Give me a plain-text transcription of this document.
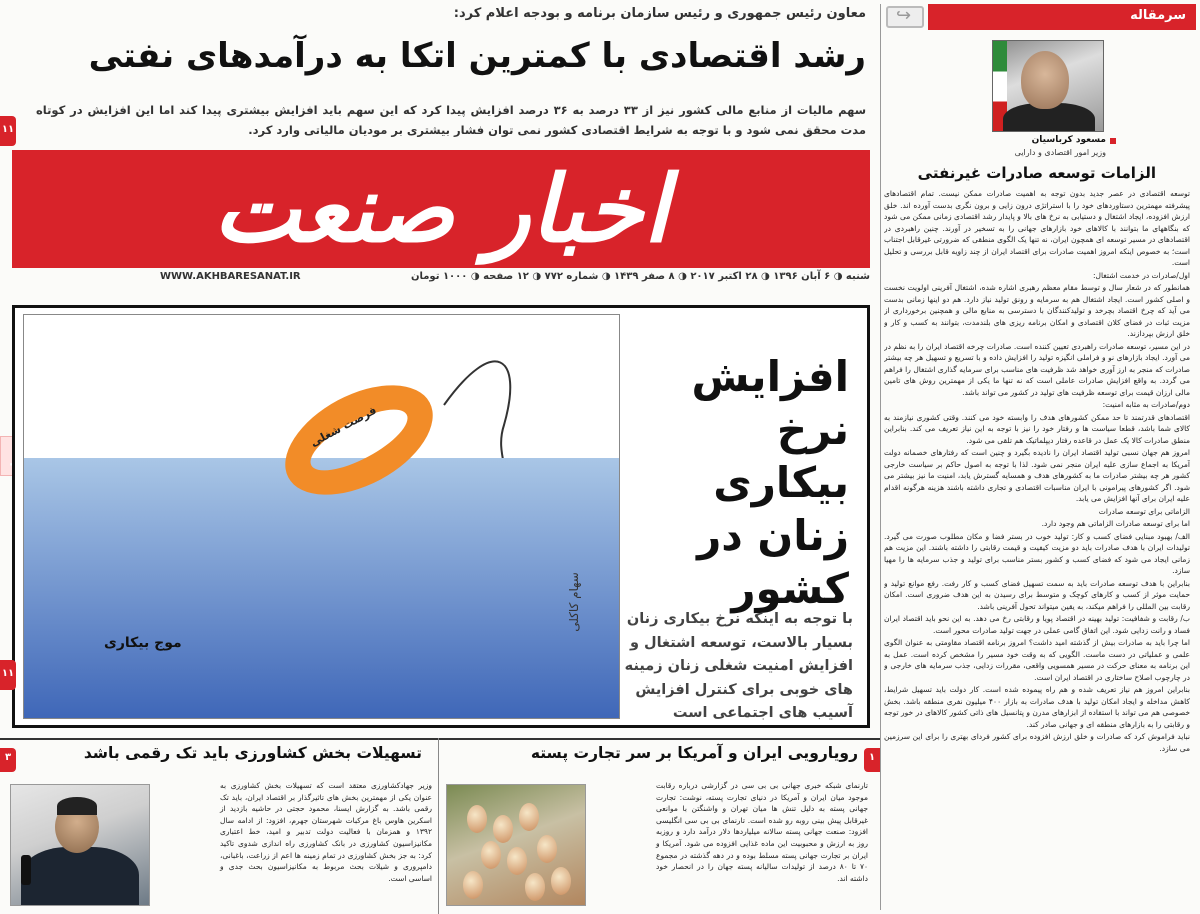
سرمقاله
↪
مسعود کرباسیان
وزیر امور اقتصادی و دارایی
الزامات توسعه صادرات غیرنفتی

توسعه اقتصادی در عصر جدید بدون توجه به اهمیت صادرات ممکن نیست. تمام اقتصادهای پیشرفته مهمترین دستاوردهای خود را با استراتژی درون زایی و برون نگری بدست آورده اند. خلق ارزش افزوده، ایجاد اشتغال و دستیابی به نرخ های بالا و پایدار رشد اقتصادی زمانی ممکن می شود که بنگاههای ما بتوانند با کالاهای خود بازارهای جهانی را به تسخیر در آورند. چنین راهبردی در اقتصادهای در مسیر توسعه ای همچون ایران، نه تنها یک الگوی منطقی که ضرورتی غیرقابل اجتناب است؛ به خصوص اینکه امروز اهمیت صادرات برای اقتصاد ایران از چند زاویه قابل بررسی و تحلیل است.

اول/صادرات در خدمت اشتغال:

همانطور که در شعار سال و توسط مقام معظم رهبری اشاره شده، اشتغال آفرینی اولویت نخست و اصلی کشور است. ایجاد اشتغال هم به سرمایه و رونق تولید نیاز دارد. هم دو اینها زمانی بدست می آید که چرخ اقتصاد بچرخد و تولیدکنندگان با دسترسی به منابع مالی و همچنین برخورداری از مزیت ثبات در فضای کلان اقتصادی و امکان برنامه ریزی های بلندمدت، بتوانند به کسب و کار و خلق ارزش بپردازند.

در این مسیر، توسعه صادرات راهبردی تعیین کننده است. صادرات چرخه اقتصاد ایران را به نظم در می آورد. ایجاد بازارهای نو و فراملی انگیزه تولید را افزایش داده و با تسریع و تسهیل هر چه بیشتر صادرات که منجر به ارز آوری خواهد شد ظرفیت های مناسب برای سرمایه گذاری اشتغال را فراهم می گردد. به واقع افزایش صادرات عاملی است که نه تنها ما یکی از مهمترین روش های تامین مالی ارزان قیمت برای توسعه ظرفیت های تولید در کشور می تواند باشد.

دوم/صادرات به مثابه امنیت:

اقتصادهای قدرتمند تا حد ممکن کشورهای هدف را وابسته خود می کنند. وقتی کشوری نیازمند به کالای شما باشد، قطعا سیاست ها و رفتار خود را نیز با توجه به این نیاز تعریف می کند. بنابراین منطق صادرات کالا یک عمل در قاعده رفتار دیپلماتیک هم تلقی می شود.

امروز هم جهان نسبی تولید اقتصاد ایران را نادیده بگیرد و چنین است که رفتارهای خصمانه دولت آمریکا به اجماع سازی علیه ایران منجر نمی شود. لذا با توجه به اصول حاکم بر سیاست خارجی کشور هر چه بیشتر صادرات ما به کشورهای هدف و همسایه گسترش یابد، امنیت ما نیز بیشتر می شود. اگر کشورهای پیرامونی با ایران مناسبات اقتصادی و تجاری داشته باشند هزینه هرگونه اقدام علیه ایران برای آنها افزایش می یابد.

الزاماتی برای توسعه صادرات

اما برای توسعه صادرات الزاماتی هم وجود دارد.

الف/ بهبود مبنایی فضای کسب و کار: تولید خوب در بستر فضا و مکان مطلوب صورت می گیرد. تولیدات ایران با هدف صادرات باید دو مزیت کیفیت و قیمت رقابتی را داشته باشند. این مزیت هم زمانی ایجاد می شود که فضای کسب و کشور بستر مناسب برای تولید و جذب سرمایه ها را مهیا سازد.

بنابراین با هدف توسعه صادرات باید به سمت تسهیل فضای کسب و کار رفت. رفع موانع تولید و حمایت موثر از کسب و کارهای کوچک و متوسط برای رسیدن به این هدف ضروری است. امکان رقابت بین المللی را فراهم میکند، به یقین میتواند تحول آفرینی باشد.

ب/ رقابت و شفافیت: تولید بهینه در اقتصاد پویا و رقابتی رخ می دهد. به این نحو باید اقتصاد ایران فساد و رانت زدایی شود. این اتفاق گامی عملی در جهت تولید صادرات محور است.

اما چرا باید به صادرات بیش از گذشته امید داشت؟ امروز برنامه اقتصاد مقاومتی به عنوان الگوی علمی و عملیاتی در دست ماست. الگویی که به وقت خود مسیر را مشخص کرده است. عمل به این برنامه به معنای حرکت در مسیر همسویی واقعی، مقررات زدایی، جذب سرمایه های خارجی و در چارچوب اصلاح ساختاری در اقتصاد ایران است.

بنابراین امروز هم نیاز تعریف شده و هم راه پیموده شده است. کار دولت باید تسهیل شرایط، کاهش مداخله و ایجاد امکان تولید با هدف صادرات به بازار ۴۰۰ میلیون نفری منطقه باشد. بخش خصوصی هم می تواند با استفاده از ابزارهای مدرن و پتانسیل های ذاتی کشور کالاهای در خور توجه و رقابتی را به بازارهای منطقه ای و جهانی صادر کند.

نباید فراموش کرد که صادرات و خلق ارزش افزوده برای کشور فردای بهتری را برای این سرزمین می سازد.

معاون رئیس جمهوری و رئیس سازمان برنامه و بودجه اعلام کرد:
رشد اقتصادی با کمترین اتکا به درآمدهای نفتی
سهم مالیات از منابع مالی کشور نیز از ۳۳ درصد به ۳۶ درصد افزایش پیدا کرد که این سهم باید افزایش بیشتری پیدا کند اما این افزایش در کوتاه مدت محقق نمی شود و با توجه به شرایط اقتصادی کشور نمی توان فشار بیشتری بر مودیان مالیاتی وارد کرد.
۱۱
اخبار صنعت
WWW.AKHBARESANAT.IR	شنبه ◑ ۶ آبان ۱۳۹۶ ◑ ۲۸ اکتبر ۲۰۱۷ ◑ ۸ صفر ۱۴۳۹ ◑ شماره ۷۷۲ ◑ ۱۲ صفحه ◑ ۱۰۰۰ تومان
فرصت شغلی
موج بیکاری
سهام کاکلی
افزایش نرخ بیکاری زنان در کشور
با توجه به اینکه نرخ بیکاری زنان بسیار بالاست، توسعه اشتغال و افزایش امنیت شغلی زنان زمینه های خوبی برای کنترل افزایش آسیب های اجتماعی است
۱۱
۱
رویارویی ایران و آمریکا بر سر تجارت پسته
تارنمای شبکه خبری جهانی بی بی سی در گزارشی درباره رقابت موجود میان ایران و آمریکا در دنیای تجارت پسته، نوشت: تجارت جهانی پسته به دلیل تنش ها میان تهران و واشنگتن با موانعی غیرقابل پیش بینی روبه رو شده است. تارنمای بی بی سی انگلیسی افزود: صنعت جهانی پسته سالانه میلیاردها دلار درآمد دارد و روزبه روز به ارزش و محبوبیت این ماده غذایی افزوده می شود. آمریکا و ایران بر تجارت جهانی پسته مسلط بوده و در دهه گذشته در مجموع ۷۰ تا ۸۰ درصد از تولیدات سالیانه پسته جهان را در انحصار خود داشته اند.
۳	تسهیلات بخش کشاورزی باید تک رقمی باشد
وزیر جهادکشاورزی معتقد است که تسهیلات بخش کشاورزی به عنوان یکی از مهمترین بخش های تاثیرگذار بر اقتصاد ایران، باید تک رقمی باشد. به گزارش ایسنا، محمود حجتی در حاشیه بازدید از اسکرین هاوس باغ مرکبات شهرستان جهرم، افزود: از ادامه سال ۱۳۹۲ و همزمان با فعالیت دولت تدبیر و امید، خط اعتباری مکانیزاسیون کشاورزی در بانک کشاورزی راه اندازی شدوی تاکید کرد: به جز بخش کشاورزی در تمام زمینه ها اعم از زراعت، باغبانی، دامپروری و شیلات بحث مربوط به مکانیزاسیون بحث جدی و اساسی است.
